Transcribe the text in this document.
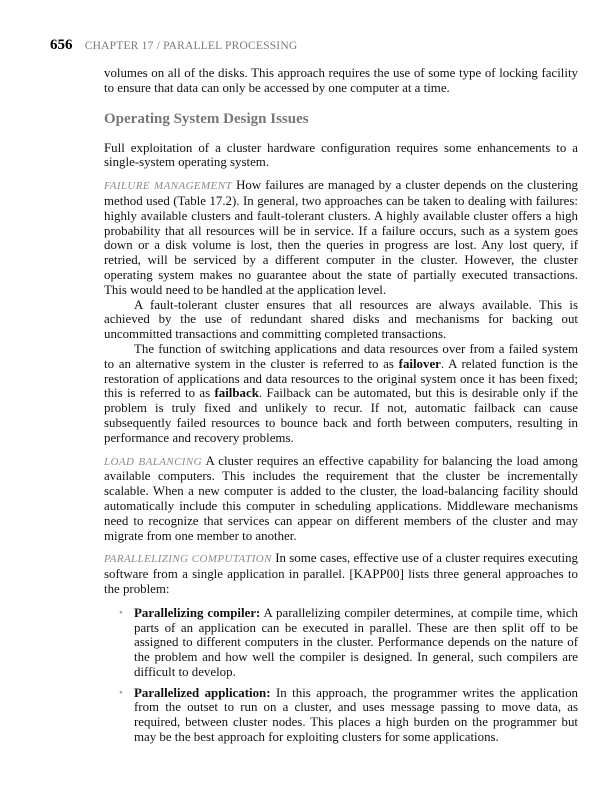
656 CHAPTER 17 / PARALLEL PROCESSING

volumes on all of the disks. This approach requires the use of some type of locking facility to ensure that data can only be accessed by one computer at a time.

Operating System Design Issues

Full exploitation of a cluster hardware configuration requires some enhancements to a single-system operating system.

FAILURE MANAGEMENT How failures are managed by a cluster depends on the clustering method used (Table 17.2). In general, two approaches can be taken to dealing with failures: highly available clusters and fault-tolerant clusters. A highly available cluster offers a high probability that all resources will be in service. If a failure occurs, such as a system goes down or a disk volume is lost, then the queries in progress are lost. Any lost query, if retried, will be serviced by a different computer in the cluster. However, the cluster operating system makes no guarantee about the state of partially executed transactions. This would need to be handled at the application level.

A fault-tolerant cluster ensures that all resources are always available. This is achieved by the use of redundant shared disks and mechanisms for backing out uncommitted transactions and committing completed transactions.

The function of switching applications and data resources over from a failed system to an alternative system in the cluster is referred to as failover. A related function is the restoration of applications and data resources to the original system once it has been fixed; this is referred to as failback. Failback can be automated, but this is desirable only if the problem is truly fixed and unlikely to recur. If not, automatic failback can cause subsequently failed resources to bounce back and forth between computers, resulting in performance and recovery problems.

LOAD BALANCING A cluster requires an effective capability for balancing the load among available computers. This includes the requirement that the cluster be incrementally scalable. When a new computer is added to the cluster, the load-balancing facility should automatically include this computer in scheduling applications. Middleware mechanisms need to recognize that services can appear on different members of the cluster and may migrate from one member to another.

PARALLELIZING COMPUTATION In some cases, effective use of a cluster requires executing software from a single application in parallel. [KAPP00] lists three general approaches to the problem:

• Parallelizing compiler: A parallelizing compiler determines, at compile time, which parts of an application can be executed in parallel. These are then split off to be assigned to different computers in the cluster. Performance depends on the nature of the problem and how well the compiler is designed. In general, such compilers are difficult to develop.
• Parallelized application: In this approach, the programmer writes the application from the outset to run on a cluster, and uses message passing to move data, as required, between cluster nodes. This places a high burden on the programmer but may be the best approach for exploiting clusters for some applications.
